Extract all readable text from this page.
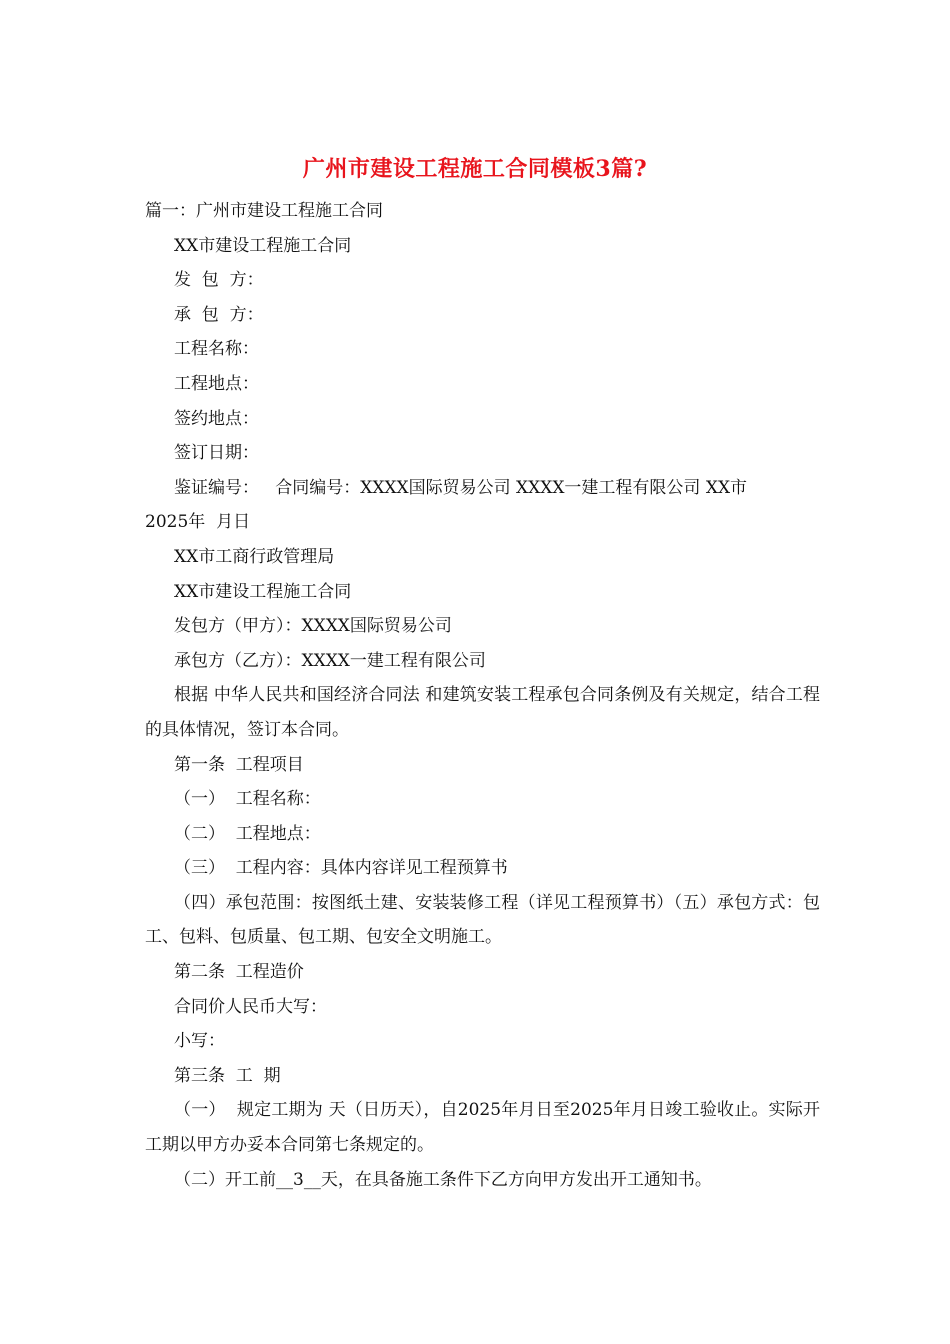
广州市建设工程施工合同模板3篇?

篇一：广州市建设工程施工合同

XX市建设工程施工合同

发  包  方：

承  包  方：

工程名称：

工程地点：

签约地点：

签订日期：

鉴证编号：   合同编号：XXXX国际贸易公司 XXXX一建工程有限公司 XX市

2025年  月日

XX市工商行政管理局

XX市建设工程施工合同

发包方（甲方）：XXXX国际贸易公司

承包方（乙方）：XXXX一建工程有限公司

根据 中华人民共和国经济合同法 和建筑安装工程承包合同条例及有关规定，结合工程的具体情况，签订本合同。

第一条  工程项目

（一）  工程名称：

（二）  工程地点：

（三）  工程内容：具体内容详见工程预算书

（四）承包范围：按图纸土建、安装装修工程（详见工程预算书）（五）承包方式：包工、包料、包质量、包工期、包安全文明施工。

第二条  工程造价

合同价人民币大写：

小写：

第三条  工  期

（一）  规定工期为 天（日历天），自2025年月日至2025年月日竣工验收止。实际开工期以甲方办妥本合同第七条规定的。

（二）开工前__3__天，在具备施工条件下乙方向甲方发出开工通知书。
